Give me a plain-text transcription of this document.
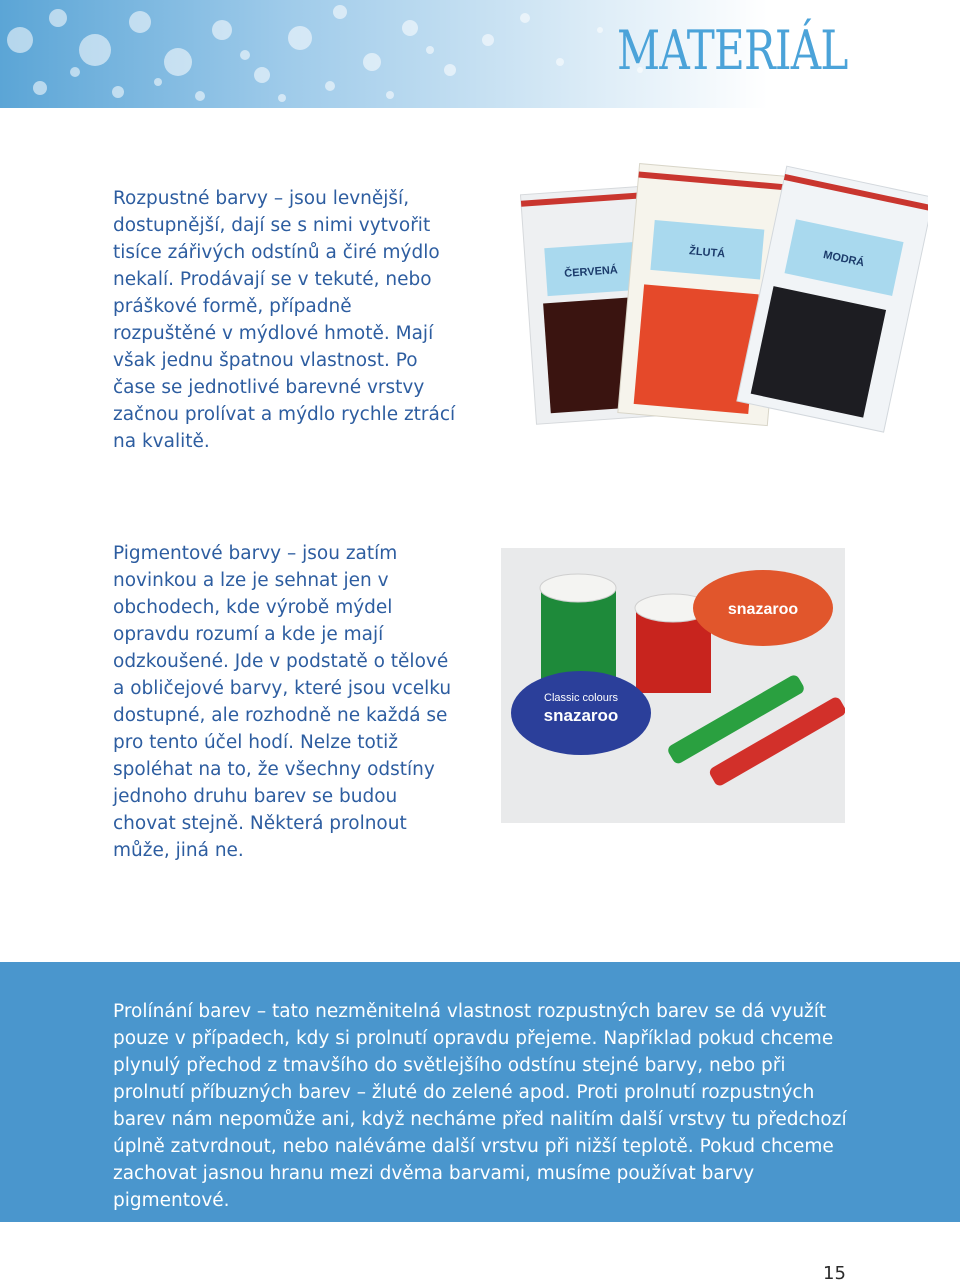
MATERIÁL

Rozpustné barvy – jsou levnější, dostupnější, dají se s nimi vytvořit tisíce zářivých odstínů a čiré mýdlo nekalí. Prodávají se v tekuté, nebo práškové formě, případně rozpuštěné v mýdlové hmotě. Mají však jednu špatnou vlastnost. Po čase se jednotlivé barevné vrstvy začnou prolívat a mýdlo rychle ztrácí na kvalitě.

ČERVENÁ
ŽLUTÁ	MODRÁ

Pigmentové barvy – jsou zatím novinkou a lze je sehnat jen v obchodech, kde výrobě mýdel opravdu rozumí a kde je mají odzkoušené. Jde v podstatě o tělové a obličejové barvy, které jsou vcelku dostupné, ale rozhodně ne každá se pro tento účel hodí. Nelze totiž spoléhat na to, že všechny odstíny jednoho druhu barev se budou chovat stejně. Některá prolnout může, jiná ne.

snazaroo
Classic colours
snazaroo

Prolínání barev – tato nezměnitelná vlastnost rozpustných barev se dá využít pouze v případech, kdy si prolnutí opravdu přejeme. Například pokud chceme plynulý přechod z tmavšího do světlejšího odstínu stejné barvy, nebo při prolnutí příbuzných barev – žluté do zelené apod. Proti prolnutí rozpustných barev nám nepomůže ani, když necháme před nalitím další vrstvy tu předchozí úplně zatvrdnout, nebo naléváme další vrstvu při nižší teplotě. Pokud chceme zachovat jasnou hranu mezi dvěma barvami, musíme používat barvy pigmentové.

15
